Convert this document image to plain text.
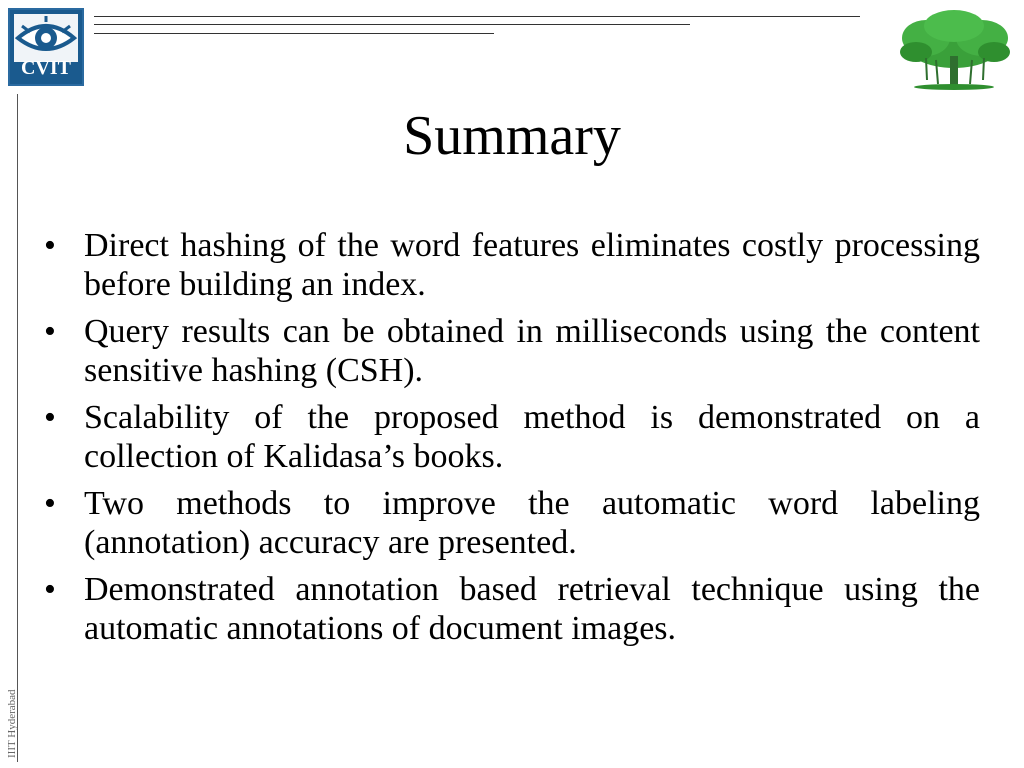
CVIT
Summary
• Direct hashing of the word features eliminates costly processing before building an index.
• Query results can be obtained in milliseconds using the content sensitive hashing (CSH).
• Scalability of the proposed method is demonstrated on a collection of Kalidasa’s books.
• Two methods to improve the automatic word labeling (annotation) accuracy are presented.
• Demonstrated annotation based retrieval technique using the automatic annotations of document images.
IIIT Hyderabad
